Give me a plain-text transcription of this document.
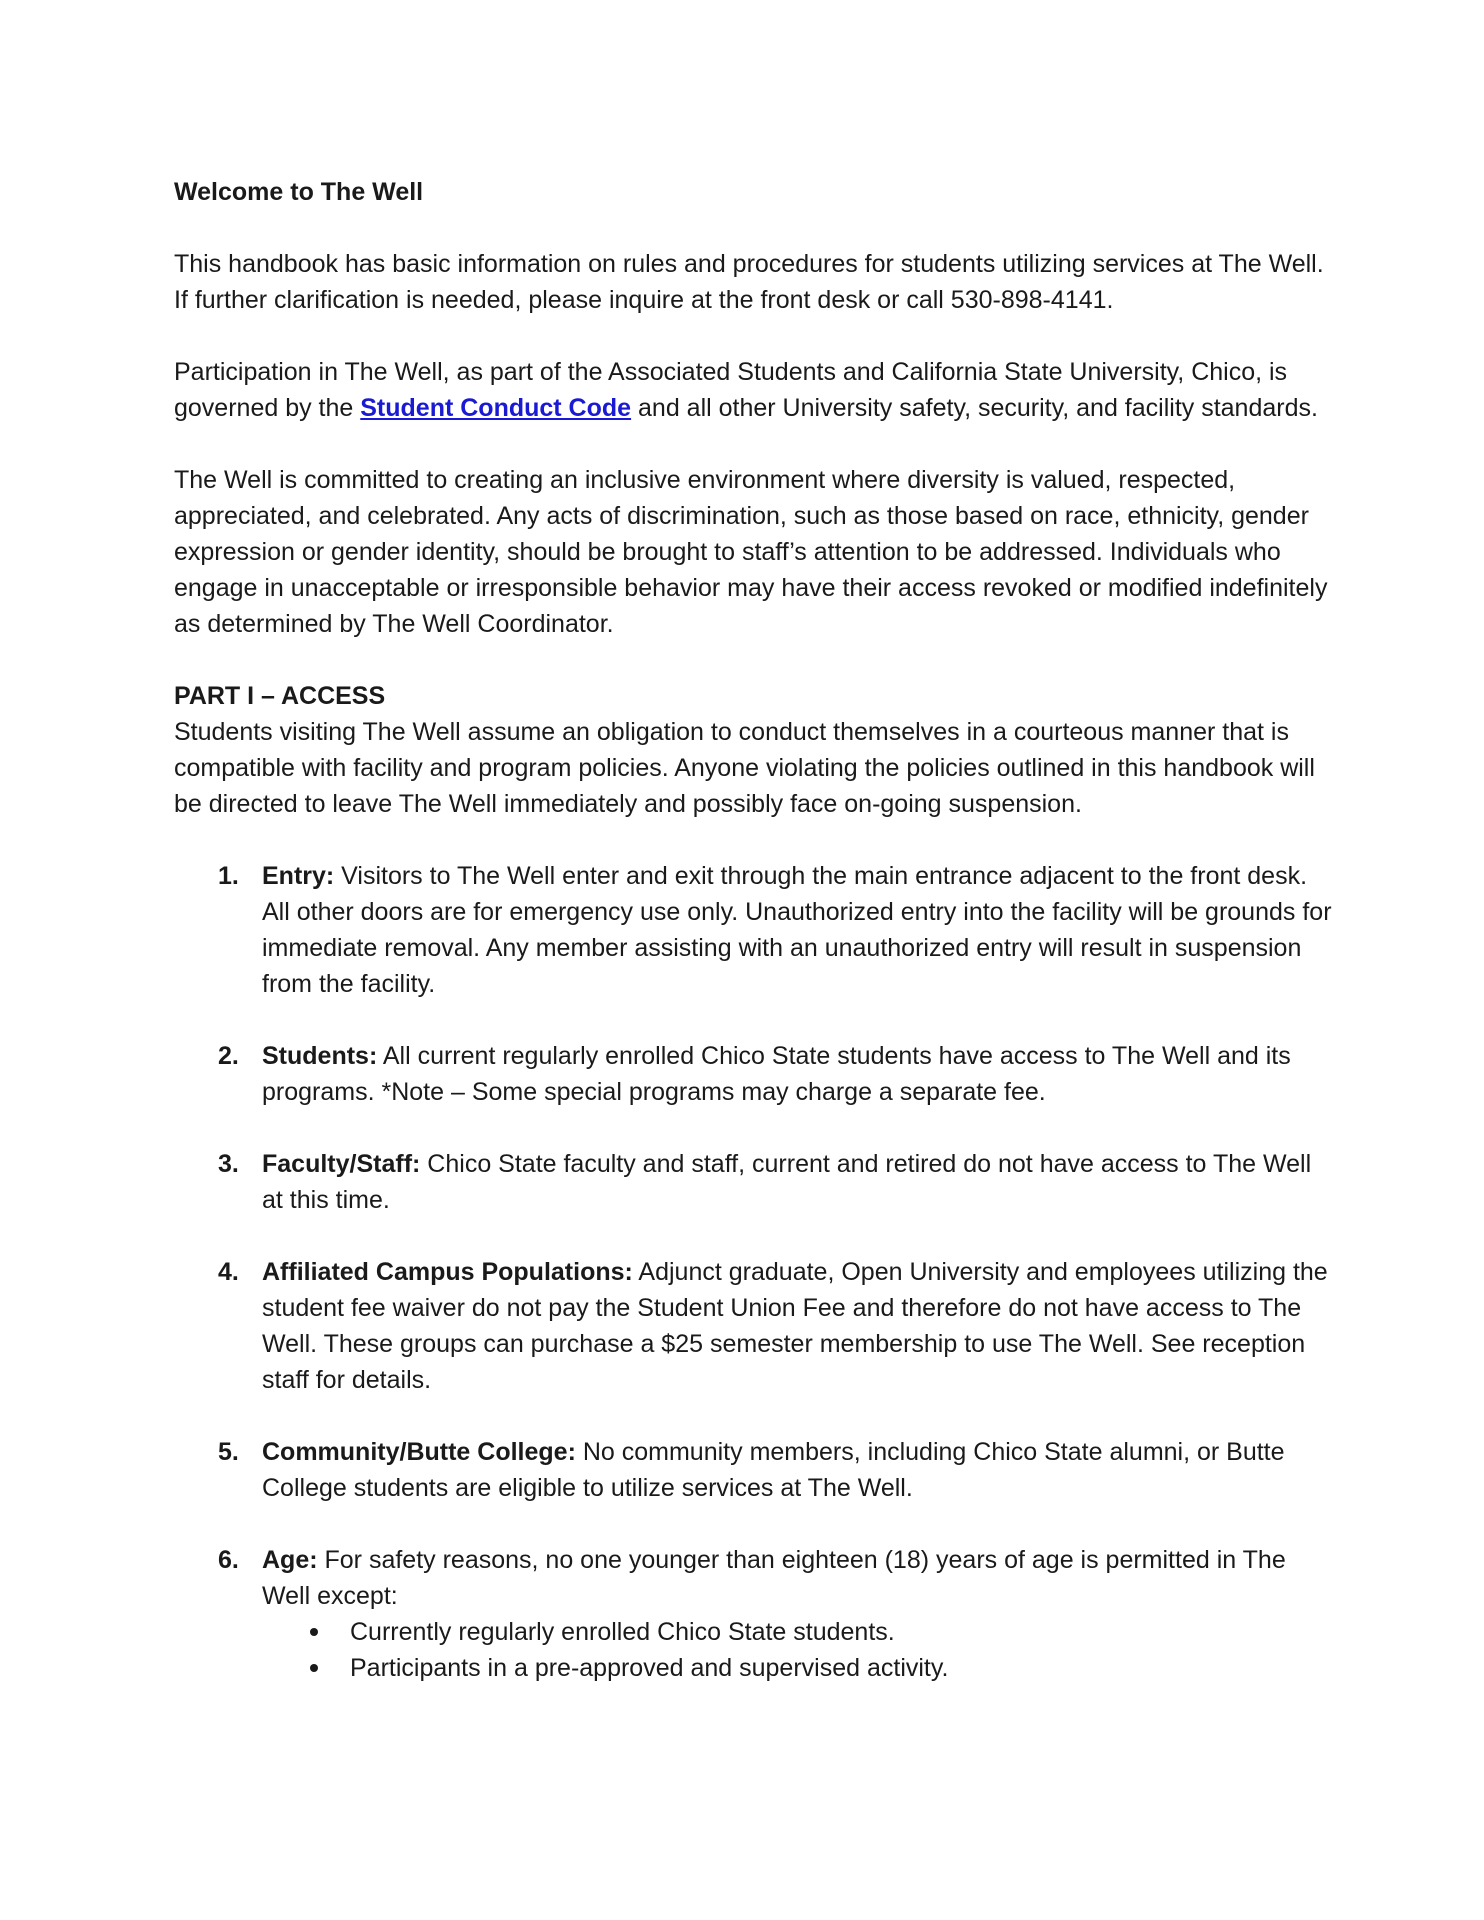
Welcome to The Well

This handbook has basic information on rules and procedures for students utilizing services at The Well. If further clarification is needed, please inquire at the front desk or call 530-898-4141.

Participation in The Well, as part of the Associated Students and California State University, Chico, is governed by the Student Conduct Code and all other University safety, security, and facility standards.

The Well is committed to creating an inclusive environment where diversity is valued, respected, appreciated, and celebrated. Any acts of discrimination, such as those based on race, ethnicity, gender expression or gender identity, should be brought to staff’s attention to be addressed. Individuals who engage in unacceptable or irresponsible behavior may have their access revoked or modified indefinitely as determined by The Well Coordinator.

PART I – ACCESS

Students visiting The Well assume an obligation to conduct themselves in a courteous manner that is compatible with facility and program policies. Anyone violating the policies outlined in this handbook will be directed to leave The Well immediately and possibly face on-going suspension.

1. Entry: Visitors to The Well enter and exit through the main entrance adjacent to the front desk. All other doors are for emergency use only. Unauthorized entry into the facility will be grounds for immediate removal. Any member assisting with an unauthorized entry will result in suspension from the facility.
2. Students: All current regularly enrolled Chico State students have access to The Well and its programs. *Note – Some special programs may charge a separate fee.
3. Faculty/Staff: Chico State faculty and staff, current and retired do not have access to The Well at this time.
4. Affiliated Campus Populations: Adjunct graduate, Open University and employees utilizing the student fee waiver do not pay the Student Union Fee and therefore do not have access to The Well. These groups can purchase a $25 semester membership to use The Well. See reception staff for details.
5. Community/Butte College: No community members, including Chico State alumni, or Butte College students are eligible to utilize services at The Well.
6. Age: For safety reasons, no one younger than eighteen (18) years of age is permitted in The Well except:
Currently regularly enrolled Chico State students.
Participants in a pre-approved and supervised activity.
